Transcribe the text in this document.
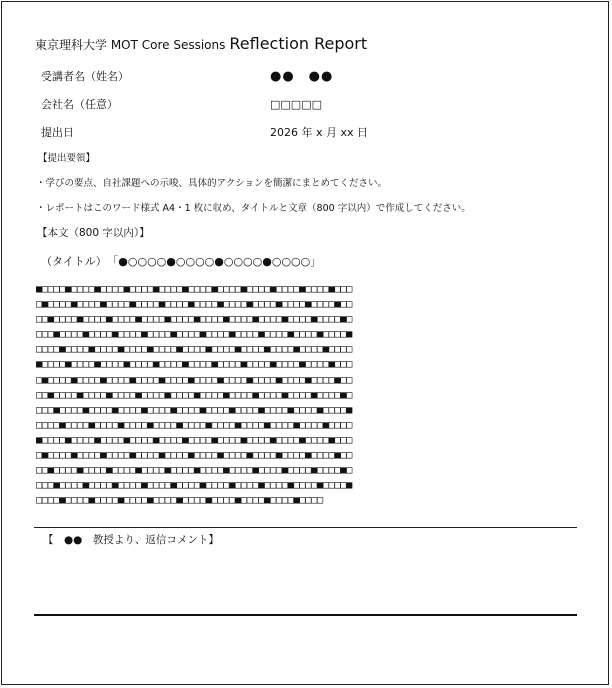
東京理科大学 MOT Core Sessions Reflection Report
受講者名（姓名）	●●　●●
会社名（任意）	□□□□□
提出日	2026 年 x 月 xx 日
【提出要領】
・学びの要点、自社課題への示唆、具体的アクションを簡潔にまとめてください。
・レポートはこのワード様式 A4・1 枚に収め、タイトルと文章（800 字以内）で作成してください。
【本文（800 字以内）】
（タイトル） 「●○○○○●○○○○●○○○○●○○○○」
■□□□□■□□□□■□□□□■□□□□■□□□□■□□□□■□□□□■□□□□■□□□□■□□□□■□□□
□■□□□□■□□□□■□□□□■□□□□■□□□□■□□□□■□□□□■□□□□■□□□□■□□□□■□□
□□■□□□□■□□□□■□□□□■□□□□■□□□□■□□□□■□□□□■□□□□■□□□□■□□□□■□
□□□■□□□□■□□□□■□□□□■□□□□■□□□□■□□□□■□□□□■□□□□■□□□□■□□□□■
□□□□■□□□□■□□□□■□□□□■□□□□■□□□□■□□□□■□□□□■□□□□■□□□□■□□□□
■□□□□■□□□□■□□□□■□□□□■□□□□■□□□□■□□□□■□□□□■□□□□■□□□□■□□□
□■□□□□■□□□□■□□□□■□□□□■□□□□■□□□□■□□□□■□□□□■□□□□■□□□□■□□
□□■□□□□■□□□□■□□□□■□□□□■□□□□■□□□□■□□□□■□□□□■□□□□■□□□□■□
□□□■□□□□■□□□□■□□□□■□□□□■□□□□■□□□□■□□□□■□□□□■□□□□■□□□□■
□□□□■□□□□■□□□□■□□□□■□□□□■□□□□■□□□□■□□□□■□□□□■□□□□■□□□□
■□□□□■□□□□■□□□□■□□□□■□□□□■□□□□■□□□□■□□□□■□□□□■□□□□■□□□
□■□□□□■□□□□■□□□□■□□□□■□□□□■□□□□■□□□□■□□□□■□□□□■□□□□■□□
□□■□□□□■□□□□■□□□□■□□□□■□□□□■□□□□■□□□□■□□□□■□□□□■□□□□■□
□□□■□□□□■□□□□■□□□□■□□□□■□□□□■□□□□■□□□□■□□□□■□□□□■□□□□■
□□□□■□□□□■□□□□■□□□□■□□□□■□□□□■□□□□■□□□□■□□□□■□□□□
【　●●　教授より、返信コメント】
